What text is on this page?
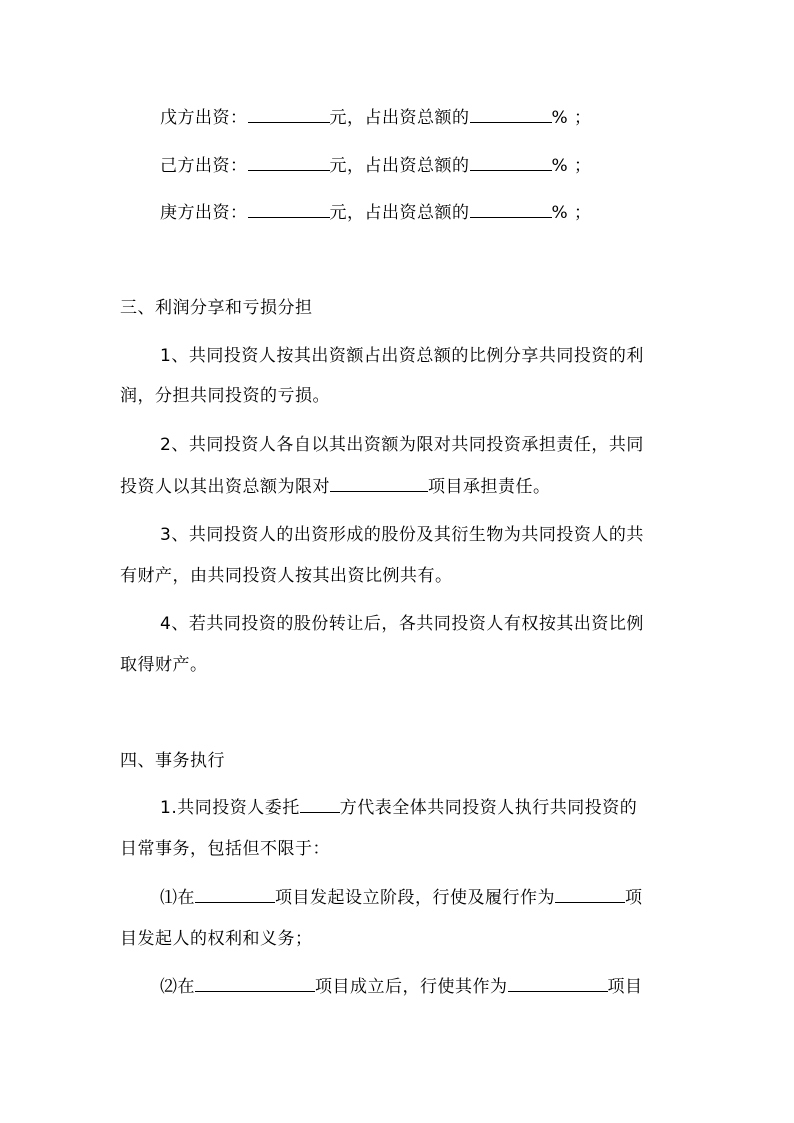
戊方出资：	元，占出资总额的	% ；
己方出资：	元，占出资总额的	% ；
庚方出资：	元，占出资总额的	% ；
三、利润分享和亏损分担
1、共同投资人按其出资额占出资总额的比例分享共同投资的利
润，分担共同投资的亏损。
2、共同投资人各自以其出资额为限对共同投资承担责任，共同
投资人以其出资总额为限对	项目承担责任。
3、共同投资人的出资形成的股份及其衍生物为共同投资人的共
有财产，由共同投资人按其出资比例共有。
4、若共同投资的股份转让后，各共同投资人有权按其出资比例
取得财产。
四、事务执行
1.共同投资人委托 方代表全体共同投资人执行共同投资的
日常事务，包括但不限于：
⑴在	项目发起设立阶段，行使及履行作为	项
目发起人的权利和义务；
⑵在	项目成立后，行使其作为	项目
